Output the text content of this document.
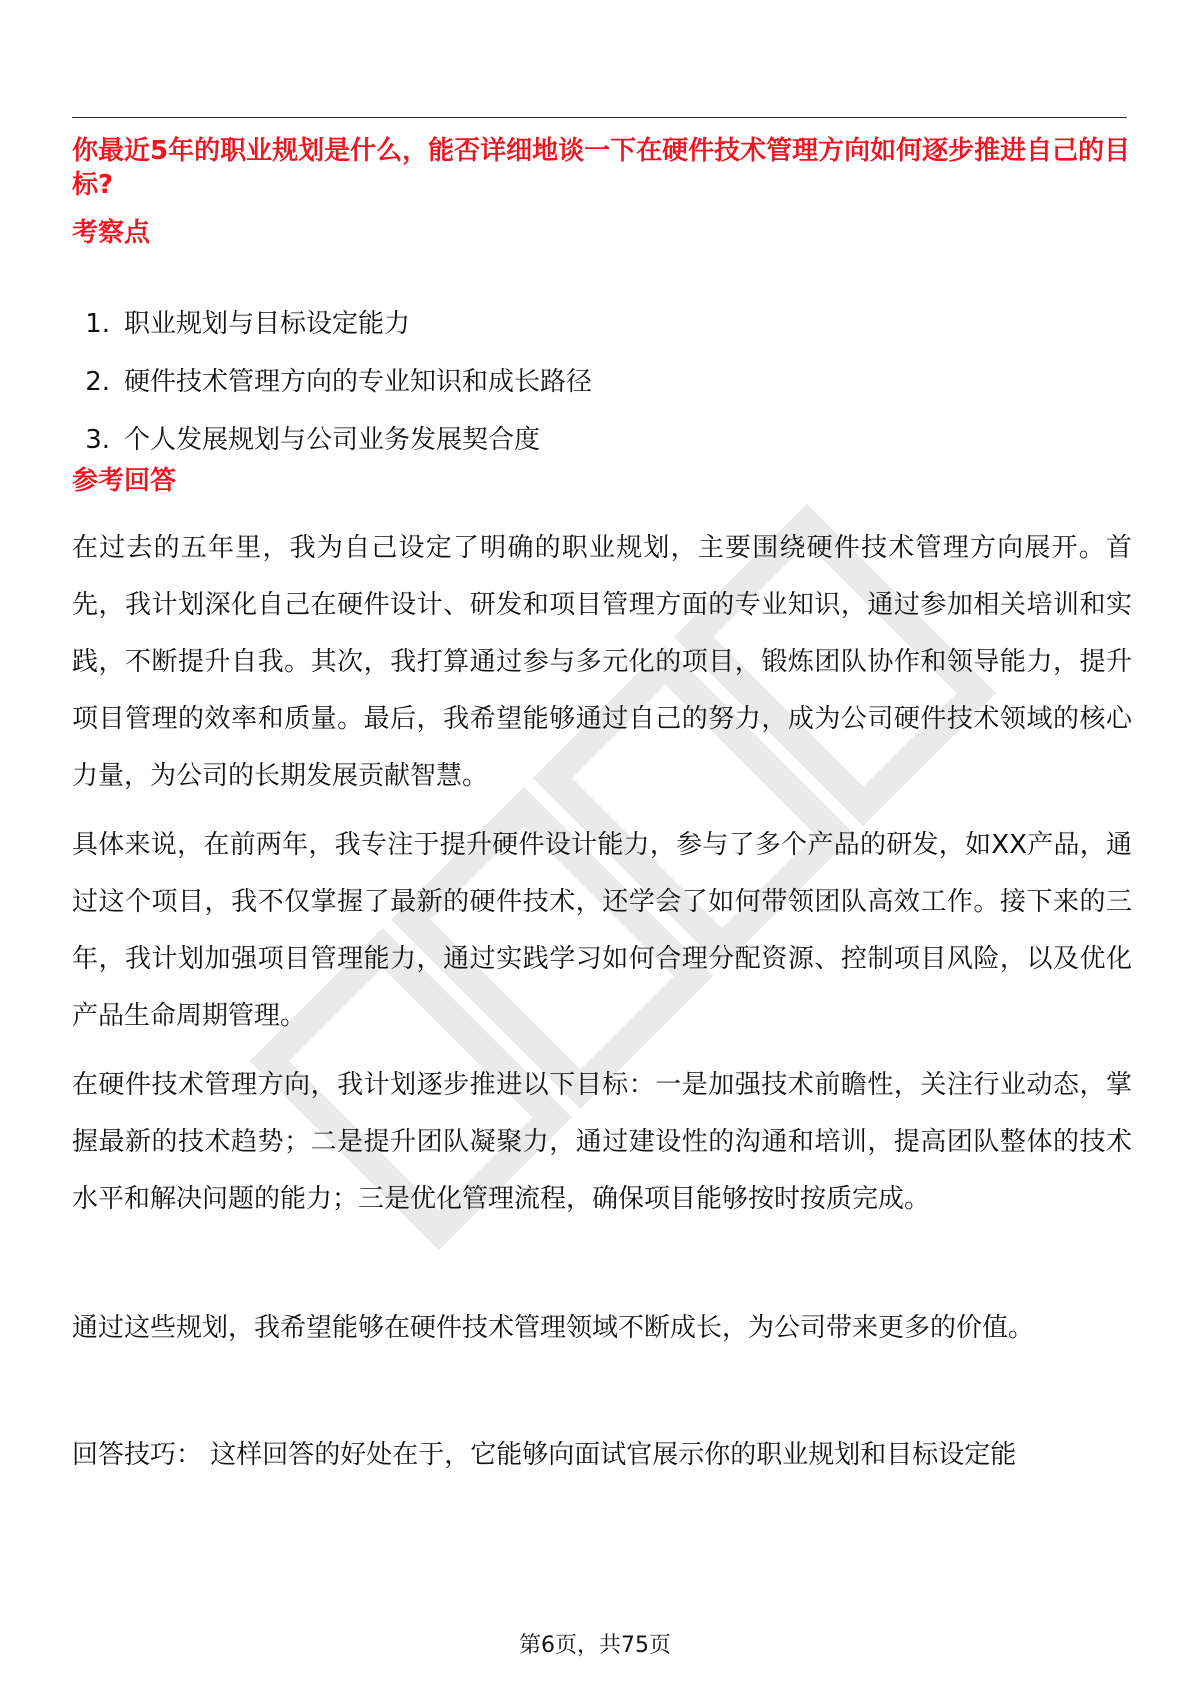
你最近5年的职业规划是什么，能否详细地谈一下在硬件技术管理方向如何逐步推进自己的目标?
考察点
1. 职业规划与目标设定能力
2. 硬件技术管理方向的专业知识和成长路径
3. 个人发展规划与公司业务发展契合度
参考回答

在过去的五年里，我为自己设定了明确的职业规划，主要围绕硬件技术管理方向展开。首先，我计划深化自己在硬件设计、研发和项目管理方面的专业知识，通过参加相关培训和实践，不断提升自我。其次，我打算通过参与多元化的项目，锻炼团队协作和领导能力，提升项目管理的效率和质量。最后，我希望能够通过自己的努力，成为公司硬件技术领域的核心力量，为公司的长期发展贡献智慧。

具体来说，在前两年，我专注于提升硬件设计能力，参与了多个产品的研发，如XX产品，通过这个项目，我不仅掌握了最新的硬件技术，还学会了如何带领团队高效工作。接下来的三年，我计划加强项目管理能力，通过实践学习如何合理分配资源、控制项目风险，以及优化产品生命周期管理。

在硬件技术管理方向，我计划逐步推进以下目标：一是加强技术前瞻性，关注行业动态，掌握最新的技术趋势；二是提升团队凝聚力，通过建设性的沟通和培训，提高团队整体的技术水平和解决问题的能力；三是优化管理流程，确保项目能够按时按质完成。

通过这些规划，我希望能够在硬件技术管理领域不断成长，为公司带来更多的价值。

回答技巧： 这样回答的好处在于，它能够向面试官展示你的职业规划和目标设定能

第6页，共75页
